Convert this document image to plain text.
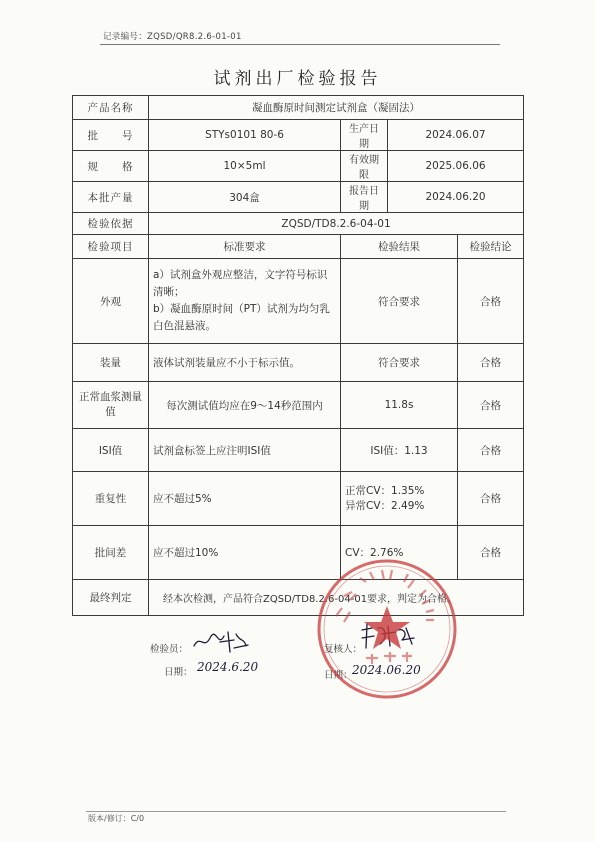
记录编号：ZQSD/QR8.2.6-01-01
试剂出厂检验报告
产品名称	凝血酶原时间测定试剂盒（凝固法）			
批　　号	STYs0101 80-6	生产日期	2024.06.07	
规　　格	10×5ml	有效期限	2025.06.06	
本批产量	304盒	报告日期	2024.06.20	
检验依据	ZQSD/TD8.2.6-04-01			
检验项目	标准要求	检验结果		检验结论
外观	a）试剂盒外观应整洁，文字符号标识清晰；
b）凝血酶原时间（PT）试剂为均匀乳白色混悬液。	符合要求		合格
装量	液体试剂装量应不小于标示值。	符合要求		合格
正常血浆测量值	每次测试值均应在9～14秒范围内	11.8s		合格
ISI值	试剂盒标签上应注明ISI值	ISI值：1.13		合格
重复性	应不超过5%	正常CV：1.35%
异常CV：2.49%		合格
批间差	应不超过10%	CV：2.76%		合格
最终判定	经本次检测，产品符合ZQSD/TD8.2.6-04-01要求，判定为合格。			
检验员：
日期： 2024.6.20
复核人：
日期： 2024.06.20
版本/修订：C/0
